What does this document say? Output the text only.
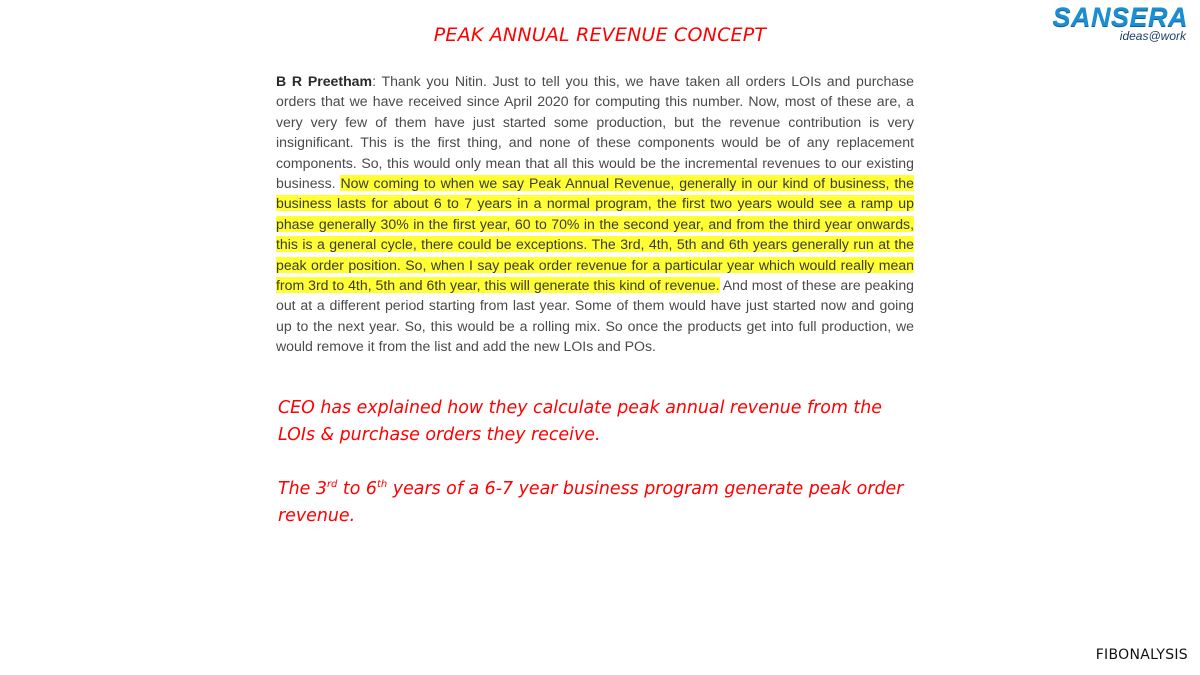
PEAK ANNUAL REVENUE CONCEPT
SANSERA
ideas@work
B R Preetham: Thank you Nitin. Just to tell you this, we have taken all orders LOIs and purchase orders that we have received since April 2020 for computing this number. Now, most of these are, a very very few of them have just started some production, but the revenue contribution is very insignificant. This is the first thing, and none of these components would be of any replacement components. So, this would only mean that all this would be the incremental revenues to our existing business. Now coming to when we say Peak Annual Revenue, generally in our kind of business, the business lasts for about 6 to 7 years in a normal program, the first two years would see a ramp up phase generally 30% in the first year, 60 to 70% in the second year, and from the third year onwards, this is a general cycle, there could be exceptions. The 3rd, 4th, 5th and 6th years generally run at the peak order position. So, when I say peak order revenue for a particular year which would really mean from 3rd to 4th, 5th and 6th year, this will generate this kind of revenue. And most of these are peaking out at a different period starting from last year. Some of them would have just started now and going up to the next year. So, this would be a rolling mix. So once the products get into full production, we would remove it from the list and add the new LOIs and POs.

CEO has explained how they calculate peak annual revenue from the LOIs & purchase orders they receive.

The 3rd to 6th years of a 6-7 year business program generate peak order revenue.

FIBONALYSIS
